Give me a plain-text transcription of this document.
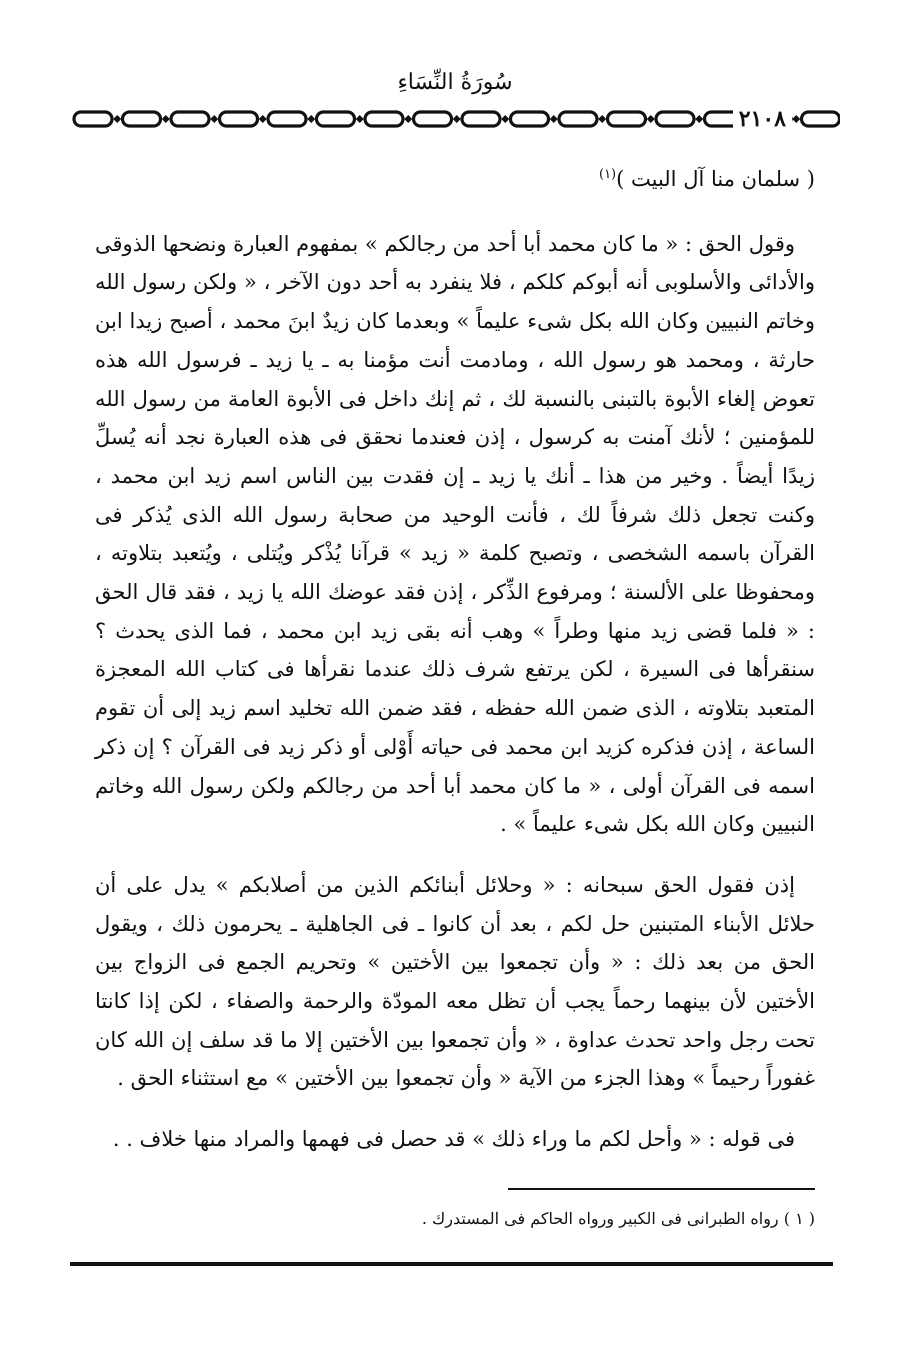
سُورَةُ النِّسَاءِ
٢١٠٨

( سلمان منا آل البيت )$^{(١)}$

وقول الحق : « ما كان محمد أبا أحد من رجالكم » بمفهوم العبارة ونضحها الذوقى والأدائى والأسلوبى أنه أبوكم كلكم ، فلا ينفرد به أحد دون الآخر ، « ولكن رسول الله وخاتم النبيين وكان الله بكل شىء عليماً » وبعدما كان زيدٌ ابنَ محمد ، أصبح زيدا ابن حارثة ، ومحمد هو رسول الله ، ومادمت أنت مؤمنا به ـ يا زيد ـ فرسول الله هذه تعوض إلغاء الأبوة بالتبنى بالنسبة لك ، ثم إنك داخل فى الأبوة العامة من رسول الله للمؤمنين ؛ لأنك آمنت به كرسول ، إذن فعندما نحقق فى هذه العبارة نجد أنه يُسلِّ زيدًا أيضاً . وخير من هذا ـ أنك يا زيد ـ إن فقدت بين الناس اسم زيد ابن محمد ، وكنت تجعل ذلك شرفاً لك ، فأنت الوحيد من صحابة رسول الله الذى يُذكر فى القرآن باسمه الشخصى ، وتصبح كلمة « زيد » قرآنا يُذْكر ويُتلى ، ويُتعبد بتلاوته ، ومحفوظا على الألسنة ؛ ومرفوع الذِّكر ، إذن فقد عوضك الله يا زيد ، فقد قال الحق : « فلما قضى زيد منها وطراً » وهب أنه بقى زيد ابن محمد ، فما الذى يحدث ؟ سنقرأها فى السيرة ، لكن يرتفع شرف ذلك عندما نقرأها فى كتاب الله المعجزة المتعبد بتلاوته ، الذى ضمن الله حفظه ، فقد ضمن الله تخليد اسم زيد إلى أن تقوم الساعة ، إذن فذكره كزيد ابن محمد فى حياته أَوْلى أو ذكر زيد فى القرآن ؟ إن ذكر اسمه فى القرآن أولى ، « ما كان محمد أبا أحد من رجالكم ولكن رسول الله وخاتم النبيين وكان الله بكل شىء عليماً » .

إذن فقول الحق سبحانه : « وحلائل أبنائكم الذين من أصلابكم » يدل على أن حلائل الأبناء المتبنين حل لكم ، بعد أن كانوا ـ فى الجاهلية ـ يحرمون ذلك ، ويقول الحق من بعد ذلك : « وأن تجمعوا بين الأختين » وتحريم الجمع فى الزواج بين الأختين لأن بينهما رحماً يجب أن تظل معه المودّة والرحمة والصفاء ، لكن إذا كانتا تحت رجل واحد تحدث عداوة ، « وأن تجمعوا بين الأختين إلا ما قد سلف إن الله كان غفوراً رحيماً » وهذا الجزء من الآية « وأن تجمعوا بين الأختين » مع استثناء الحق .

فى قوله : « وأحل لكم ما وراء ذلك » قد حصل فى فهمها والمراد منها خلاف . .

( ١ ) رواه الطبرانى فى الكبير ورواه الحاكم فى المستدرك .
